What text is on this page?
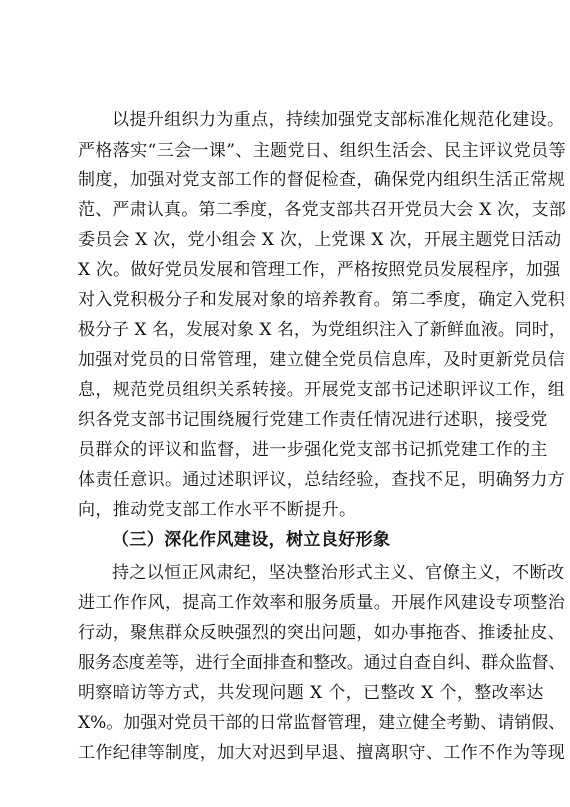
以提升组织力为重点，持续加强党支部标准化规范化建设。
严格落实“三会一课”、主题党日、组织生活会、民主评议党员等
制度，加强对党支部工作的督促检查，确保党内组织生活正常规
范、严肃认真。第二季度，各党支部共召开党员大会 X 次，支部
委员会 X 次，党小组会 X 次，上党课 X 次，开展主题党日活动
X 次。做好党员发展和管理工作，严格按照党员发展程序，加强
对入党积极分子和发展对象的培养教育。第二季度，确定入党积
极分子 X 名，发展对象 X 名，为党组织注入了新鲜血液。同时，
加强对党员的日常管理，建立健全党员信息库，及时更新党员信
息，规范党员组织关系转接。开展党支部书记述职评议工作，组
织各党支部书记围绕履行党建工作责任情况进行述职，接受党
员群众的评议和监督，进一步强化党支部书记抓党建工作的主
体责任意识。通过述职评议，总结经验，查找不足，明确努力方
向，推动党支部工作水平不断提升。
（三）深化作风建设，树立良好形象
持之以恒正风肃纪，坚决整治形式主义、官僚主义，不断改
进工作作风，提高工作效率和服务质量。开展作风建设专项整治
行动，聚焦群众反映强烈的突出问题，如办事拖沓、推诿扯皮、
服务态度差等，进行全面排查和整改。通过自查自纠、群众监督、
明察暗访等方式，共发现问题 X 个，已整改 X 个，整改率达
X%。加强对党员干部的日常监督管理，建立健全考勤、请销假、
工作纪律等制度，加大对迟到早退、擅离职守、工作不作为等现
